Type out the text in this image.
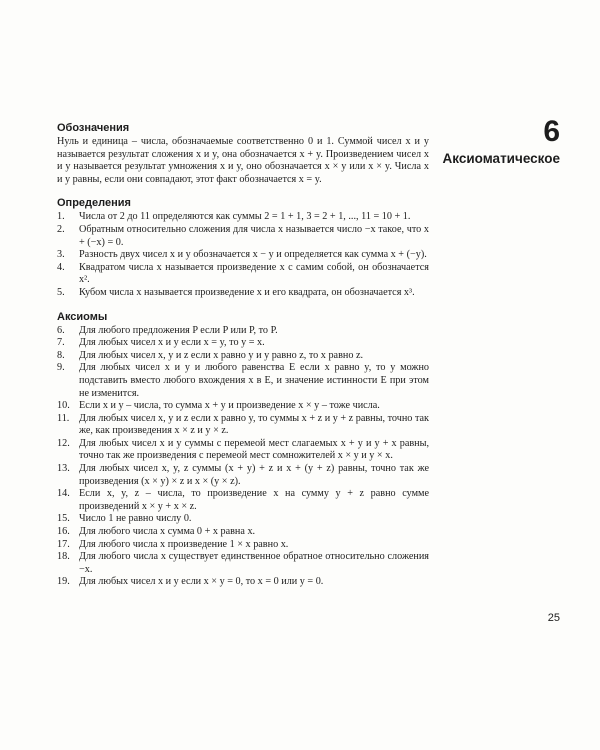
Обозначения

Нуль и единица – числа, обозначаемые соответственно 0 и 1. Суммой чисел x и y называется результат сложения x и y, она обозначается x + y. Произведением чисел x и y называется результат умножения x и y, оно обозначается x × y или x × y. Числа x и y равны, если они совпадают, этот факт обозначается x = y.

Определения
1.	Числа от 2 до 11 определяются как суммы 2 = 1 + 1, 3 = 2 + 1, ..., 11 = 10 + 1.
2.	Обратным относительно сложения для числа x называется число −x такое, что x + (−x) = 0.
3.	Разность двух чисел x и y обозначается x − y и определяется как сумма x + (−y).
4.	Квадратом числа x называется произведение x с самим собой, он обозначается x².
5.	Кубом числа x называется произведение x и его квадрата, он обозначается x³.
Аксиомы
6.	Для любого предложения P если P или P, то P.
7.	Для любых чисел x и y если x = y, то y = x.
8.	Для любых чисел x, y и z если x равно y и y равно z, то x равно z.
9.	Для любых чисел x и y и любого равенства E если x равно y, то у можно подставить вместо любого вхождения x в E, и значение истинности E при этом не изменится.
10. Если x и y – числа, то сумма x + y и произведение x × y – тоже числа.
11. Для любых чисел x, y и z если x равно y, то суммы x + z и y + z равны, точно так же, как произведения x × z и y × z.
12. Для любых чисел x и y суммы с перемеой мест слагаемых x + y и y + x равны, точно так же произведения с перемеой мест сомножителей x × y и y × x.
13. Для любых чисел x, y, z суммы (x + y) + z и x + (y + z) равны, точно так же произведения (x × y) × z и x × (y × z).
14. Если x, y, z – числа, то произведение x на сумму y + z равно сумме произведений x × y + x × z.
15. Число 1 не равно числу 0.
16. Для любого числа x сумма 0 + x равна x.
17. Для любого числа x произведение 1 × x равно x.
18. Для любого числа x существует единственное обратное относительно сложения −x.
19. Для любых чисел x и y если x × y = 0, то x = 0 или y = 0.
6
Аксиоматическое
25
